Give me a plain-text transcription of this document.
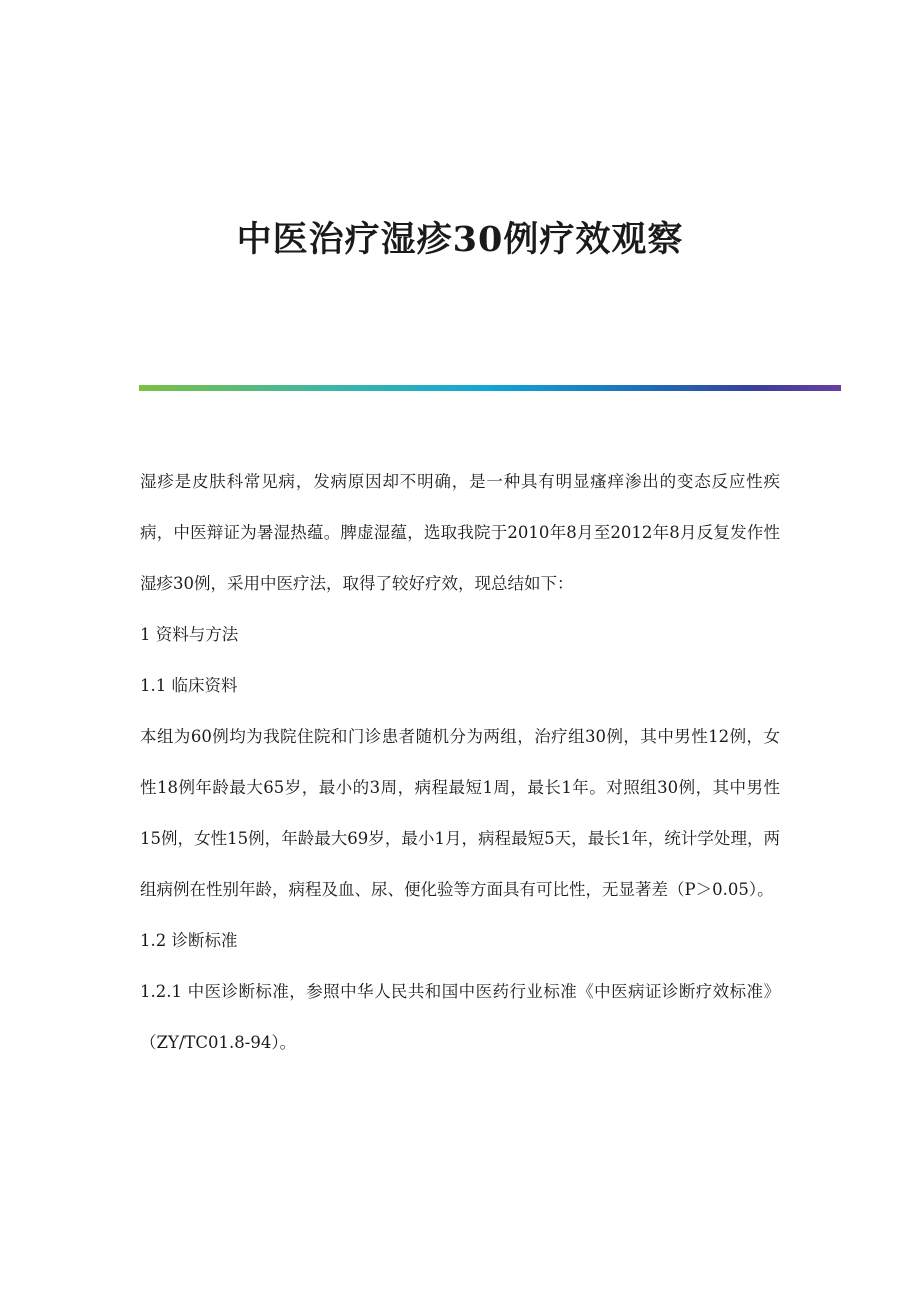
中医治疗湿疹30例疗效观察

湿疹是皮肤科常见病，发病原因却不明确，是一种具有明显瘙痒渗出的变态反应性疾病，中医辩证为暑湿热蕴。脾虚湿蕴，选取我院于2010年8月至2012年8月反复发作性湿疹30例，采用中医疗法，取得了较好疗效，现总结如下：

1 资料与方法

1.1 临床资料

本组为60例均为我院住院和门诊患者随机分为两组，治疗组30例，其中男性12例，女性18例年龄最大65岁，最小的3周，病程最短1周，最长1年。对照组30例，其中男性15例，女性15例，年龄最大69岁，最小1月，病程最短5天，最长1年，统计学处理，两组病例在性别年龄，病程及血、尿、便化验等方面具有可比性，无显著差（P＞0.05）。

1.2 诊断标准

1.2.1 中医诊断标准，参照中华人民共和国中医药行业标准《中医病证诊断疗效标准》（ZY/TC01.8-94）。
